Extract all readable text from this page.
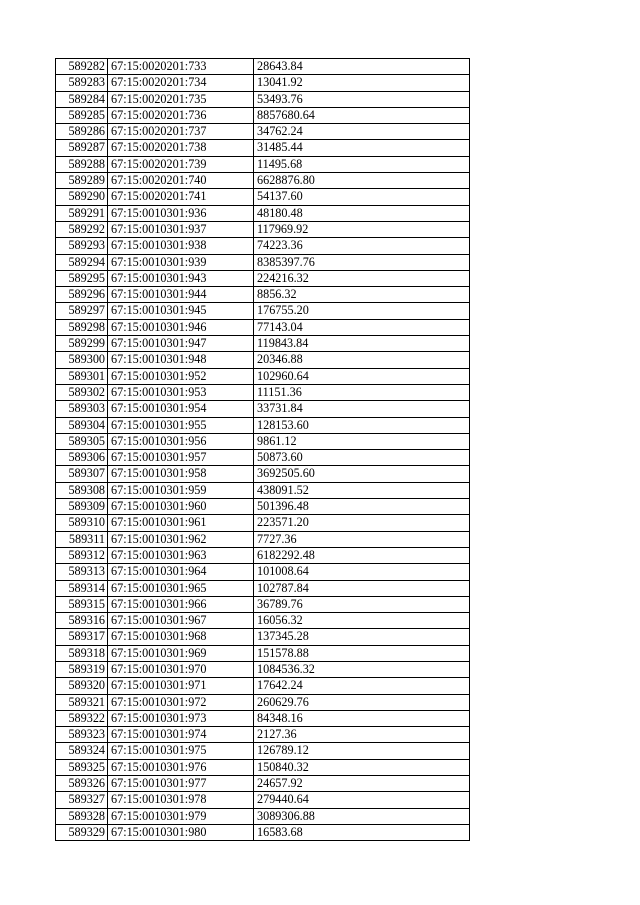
589282	67:15:0020201:733	28643.84
589283	67:15:0020201:734	13041.92
589284	67:15:0020201:735	53493.76
589285	67:15:0020201:736	8857680.64
589286	67:15:0020201:737	34762.24
589287	67:15:0020201:738	31485.44
589288	67:15:0020201:739	11495.68
589289	67:15:0020201:740	6628876.80
589290	67:15:0020201:741	54137.60
589291	67:15:0010301:936	48180.48
589292	67:15:0010301:937	117969.92
589293	67:15:0010301:938	74223.36
589294	67:15:0010301:939	8385397.76
589295	67:15:0010301:943	224216.32
589296	67:15:0010301:944	8856.32
589297	67:15:0010301:945	176755.20
589298	67:15:0010301:946	77143.04
589299	67:15:0010301:947	119843.84
589300	67:15:0010301:948	20346.88
589301	67:15:0010301:952	102960.64
589302	67:15:0010301:953	11151.36
589303	67:15:0010301:954	33731.84
589304	67:15:0010301:955	128153.60
589305	67:15:0010301:956	9861.12
589306	67:15:0010301:957	50873.60
589307	67:15:0010301:958	3692505.60
589308	67:15:0010301:959	438091.52
589309	67:15:0010301:960	501396.48
589310	67:15:0010301:961	223571.20
589311	67:15:0010301:962	7727.36
589312	67:15:0010301:963	6182292.48
589313	67:15:0010301:964	101008.64
589314	67:15:0010301:965	102787.84
589315	67:15:0010301:966	36789.76
589316	67:15:0010301:967	16056.32
589317	67:15:0010301:968	137345.28
589318	67:15:0010301:969	151578.88
589319	67:15:0010301:970	1084536.32
589320	67:15:0010301:971	17642.24
589321	67:15:0010301:972	260629.76
589322	67:15:0010301:973	84348.16
589323	67:15:0010301:974	2127.36
589324	67:15:0010301:975	126789.12
589325	67:15:0010301:976	150840.32
589326	67:15:0010301:977	24657.92
589327	67:15:0010301:978	279440.64
589328	67:15:0010301:979	3089306.88
589329	67:15:0010301:980	16583.68
